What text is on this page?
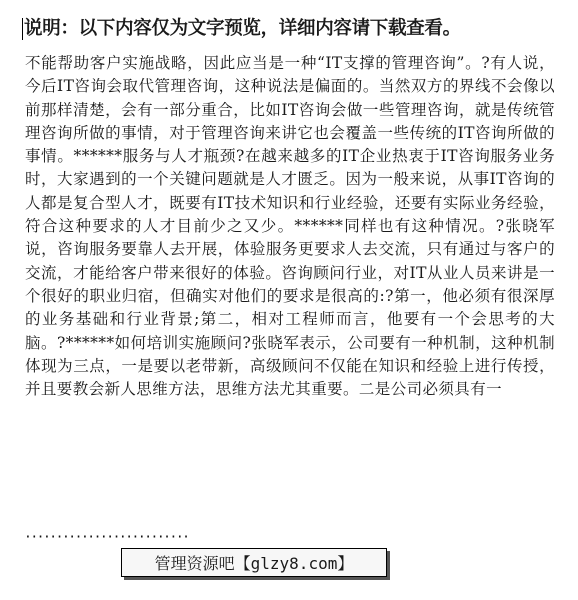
说明：以下内容仅为文字预览，详细内容请下载查看。
不能帮助客户实施战略，因此应当是一种“IT支撑的管理咨询”。?有人说，今后IT咨询会取代管理咨询，这种说法是偏面的。当然双方的界线不会像以前那样清楚，会有一部分重合，比如IT咨询会做一些管理咨询，就是传统管理咨询所做的事情，对于管理咨询来讲它也会覆盖一些传统的IT咨询所做的事情。******服务与人才瓶颈?在越来越多的IT企业热衷于IT咨询服务业务时，大家遇到的一个关键问题就是人才匮乏。因为一般来说，从事IT咨询的人都是复合型人才，既要有IT技术知识和行业经验，还要有实际业务经验，符合这种要求的人才目前少之又少。******同样也有这种情况。?张晓军说，咨询服务要靠人去开展，体验服务更要求人去交流，只有通过与客户的交流，才能给客户带来很好的体验。咨询顾问行业，对IT从业人员来讲是一个很好的职业归宿，但确实对他们的要求是很高的:?第一，他必须有很深厚的业务基础和行业背景;第二，相对工程师而言，他要有一个会思考的大脑。?******如何培训实施顾问?张晓军表示，公司要有一种机制，这种机制体现为三点，一是要以老带新，高级顾问不仅能在知识和经验上进行传授，并且要教会新人思维方法，思维方法尤其重要。二是公司必须具有一
··························
管理资源吧【glzy8.com】
